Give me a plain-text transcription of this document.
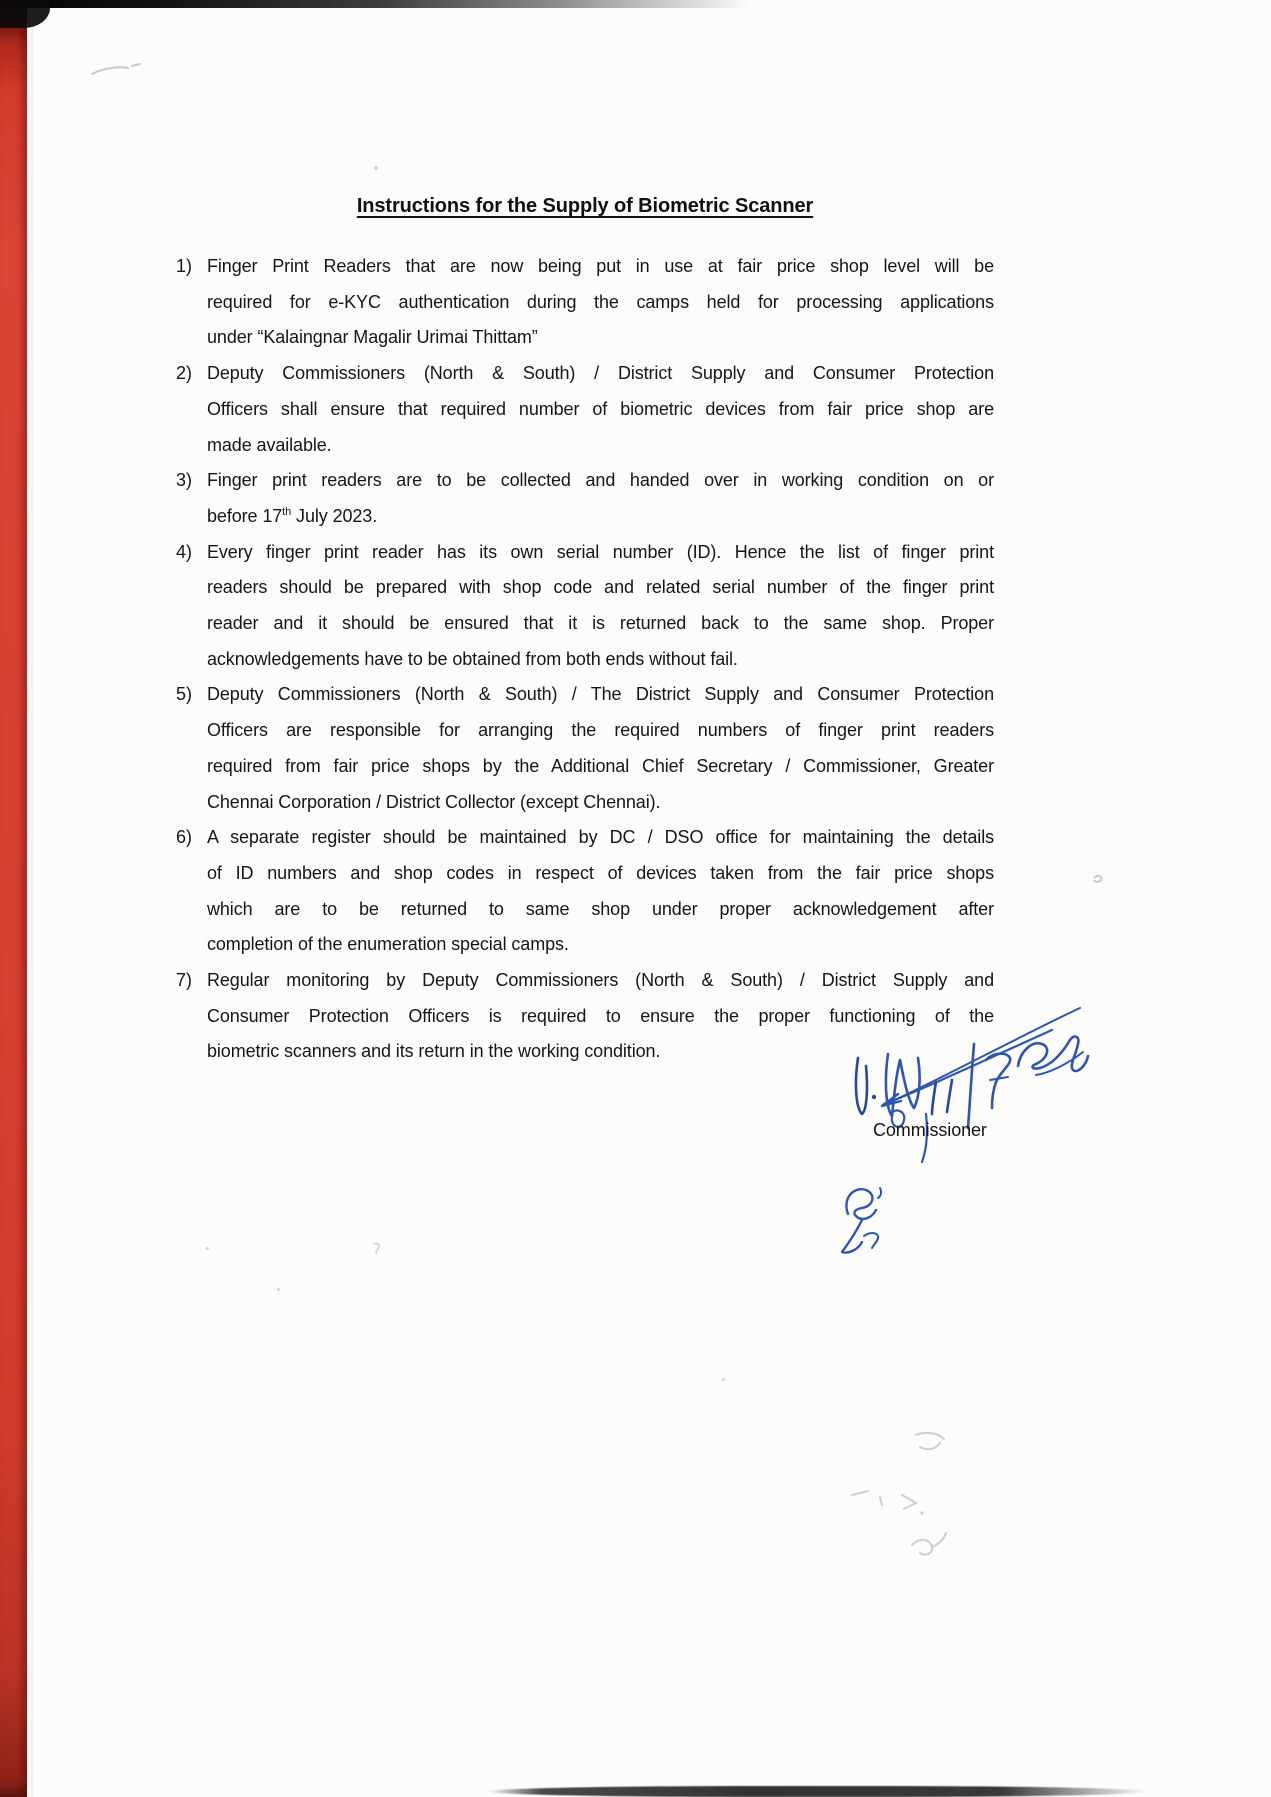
Instructions for the Supply of Biometric Scanner
1) Finger Print Readers that are now being put in use at fair price shop level will be
required for e-KYC authentication during the camps held for processing applications
under “Kalaingnar Magalir Urimai Thittam”
2) Deputy Commissioners (North & South) / District Supply and Consumer Protection
Officers shall ensure that required number of biometric devices from fair price shop are
made available.
3) Finger print readers are to be collected and handed over in working condition on or
before 17th July 2023.
4) Every finger print reader has its own serial number (ID). Hence the list of finger print
readers should be prepared with shop code and related serial number of the finger print
reader and it should be ensured that it is returned back to the same shop. Proper
acknowledgements have to be obtained from both ends without fail.
5) Deputy Commissioners (North & South) / The District Supply and Consumer Protection
Officers are responsible for arranging the required numbers of finger print readers
required from fair price shops by the Additional Chief Secretary / Commissioner, Greater
Chennai Corporation / District Collector (except Chennai).
6) A separate register should be maintained by DC / DSO office for maintaining the details
of ID numbers and shop codes in respect of devices taken from the fair price shops
which are to be returned to same shop under proper acknowledgement after
completion of the enumeration special camps.
7) Regular monitoring by Deputy Commissioners (North & South) / District Supply and
Consumer Protection Officers is required to ensure the proper functioning of the
biometric scanners and its return in the working condition.
Commissioner
